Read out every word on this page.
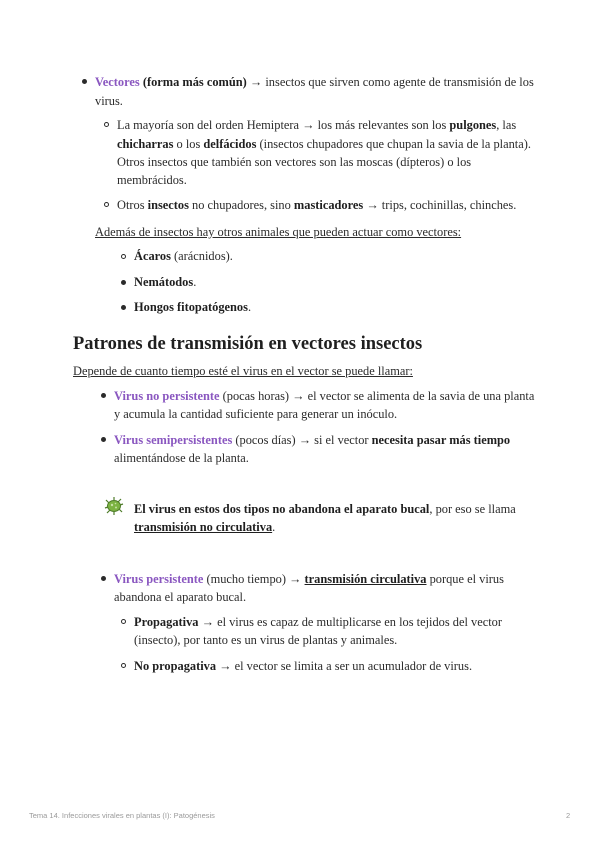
Vectores (forma más común) → insectos que sirven como agente de transmisión de los
virus.
La mayoría son del orden Hemiptera → los más relevantes son los pulgones, las
chicharras o los delfácidos (insectos chupadores que chupan la savia de la planta).
Otros insectos que también son vectores son las moscas (dípteros) o los
membrácidos.
Otros insectos no chupadores, sino masticadores → trips, cochinillas, chinches.
Además de insectos hay otros animales que pueden actuar como vectores:
Ácaros (arácnidos).
Nemátodos.
Hongos fitopatógenos.
Patrones de transmisión en vectores insectos
Depende de cuanto tiempo esté el virus en el vector se puede llamar:
Virus no persistente (pocas horas) → el vector se alimenta de la savia de una planta
y acumula la cantidad suficiente para generar un inóculo.
Virus semipersistentes (pocos días) → si el vector necesita pasar más tiempo
alimentándose de la planta.
El virus en estos dos tipos no abandona el aparato bucal, por eso se llama
transmisión no circulativa.
Virus persistente (mucho tiempo) → transmisión circulativa porque el virus
abandona el aparato bucal.
Propagativa → el virus es capaz de multiplicarse en los tejidos del vector
(insecto), por tanto es un virus de plantas y animales.
No propagativa → el vector se limita a ser un acumulador de virus.
Tema 14. Infecciones virales en plantas (I): Patogénesis	2
